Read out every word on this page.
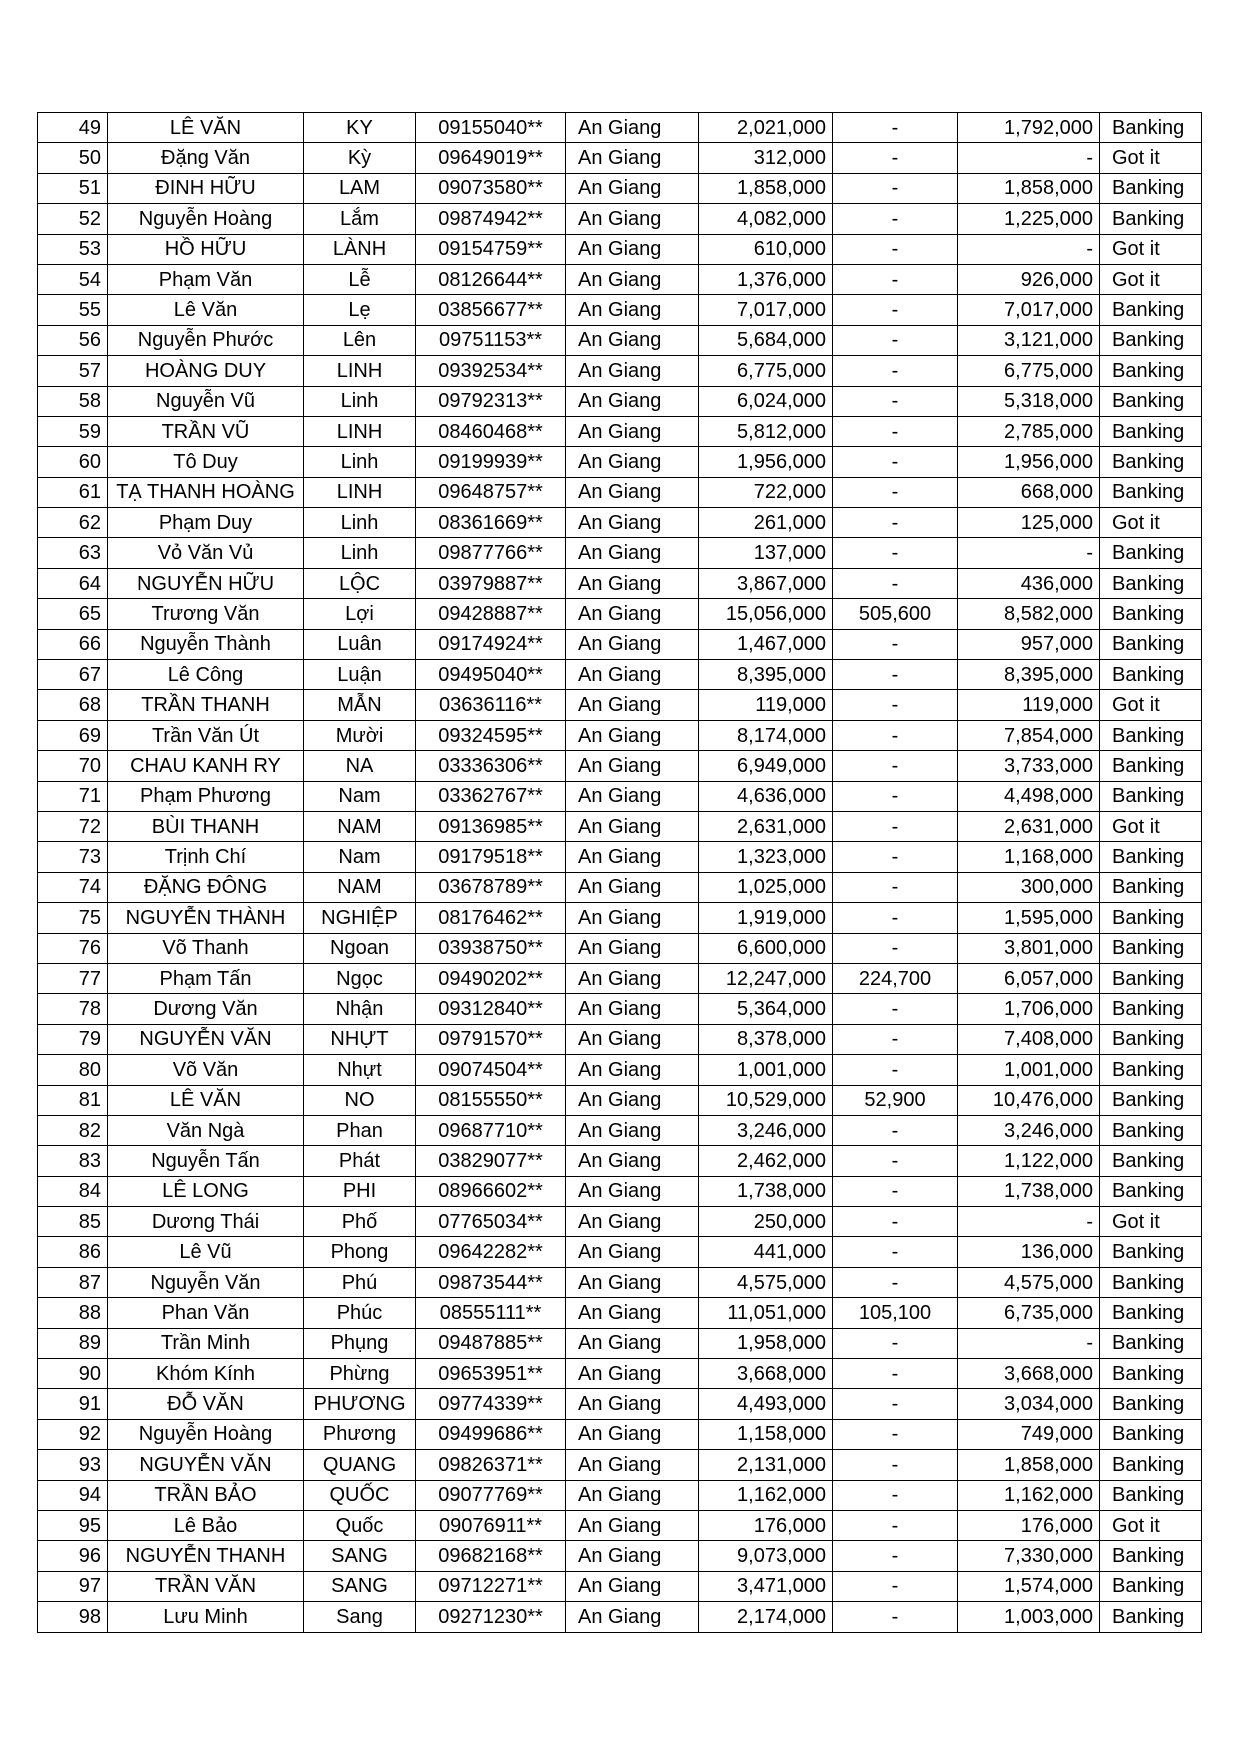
49	LÊ VĂN	KY	09155040**	An Giang	2,021,000	-	1,792,000	Banking
50	Đặng Văn	Kỳ	09649019**	An Giang	312,000	-	-	Got it
51	ĐINH HỮU	LAM	09073580**	An Giang	1,858,000	-	1,858,000	Banking
52	Nguyễn Hoàng	Lắm	09874942**	An Giang	4,082,000	-	1,225,000	Banking
53	HỒ HỮU	LÀNH	09154759**	An Giang	610,000	-	-	Got it
54	Phạm Văn	Lễ	08126644**	An Giang	1,376,000	-	926,000	Got it
55	Lê Văn	Lẹ	03856677**	An Giang	7,017,000	-	7,017,000	Banking
56	Nguyễn Phước	Lên	09751153**	An Giang	5,684,000	-	3,121,000	Banking
57	HOÀNG DUY	LINH	09392534**	An Giang	6,775,000	-	6,775,000	Banking
58	Nguyễn Vũ	Linh	09792313**	An Giang	6,024,000	-	5,318,000	Banking
59	TRẦN VŨ	LINH	08460468**	An Giang	5,812,000	-	2,785,000	Banking
60	Tô Duy	Linh	09199939**	An Giang	1,956,000	-	1,956,000	Banking
61	TẠ THANH HOÀNG	LINH	09648757**	An Giang	722,000	-	668,000	Banking
62	Phạm Duy	Linh	08361669**	An Giang	261,000	-	125,000	Got it
63	Vỏ Văn Vủ	Linh	09877766**	An Giang	137,000	-	-	Banking
64	NGUYỄN HỮU	LỘC	03979887**	An Giang	3,867,000	-	436,000	Banking
65	Trương Văn	Lợi	09428887**	An Giang	15,056,000	505,600	8,582,000	Banking
66	Nguyễn Thành	Luân	09174924**	An Giang	1,467,000	-	957,000	Banking
67	Lê Công	Luận	09495040**	An Giang	8,395,000	-	8,395,000	Banking
68	TRẦN THANH	MẪN	03636116**	An Giang	119,000	-	119,000	Got it
69	Trần Văn Út	Mười	09324595**	An Giang	8,174,000	-	7,854,000	Banking
70	CHAU KANH RY	NA	03336306**	An Giang	6,949,000	-	3,733,000	Banking
71	Phạm Phương	Nam	03362767**	An Giang	4,636,000	-	4,498,000	Banking
72	BÙI THANH	NAM	09136985**	An Giang	2,631,000	-	2,631,000	Got it
73	Trịnh Chí	Nam	09179518**	An Giang	1,323,000	-	1,168,000	Banking
74	ĐẶNG ĐÔNG	NAM	03678789**	An Giang	1,025,000	-	300,000	Banking
75	NGUYỄN THÀNH	NGHIỆP	08176462**	An Giang	1,919,000	-	1,595,000	Banking
76	Võ Thanh	Ngoan	03938750**	An Giang	6,600,000	-	3,801,000	Banking
77	Phạm Tấn	Ngọc	09490202**	An Giang	12,247,000	224,700	6,057,000	Banking
78	Dương Văn	Nhận	09312840**	An Giang	5,364,000	-	1,706,000	Banking
79	NGUYỄN VĂN	NHỰT	09791570**	An Giang	8,378,000	-	7,408,000	Banking
80	Võ Văn	Nhựt	09074504**	An Giang	1,001,000	-	1,001,000	Banking
81	LÊ VĂN	NO	08155550**	An Giang	10,529,000	52,900	10,476,000	Banking
82	Văn Ngà	Phan	09687710**	An Giang	3,246,000	-	3,246,000	Banking
83	Nguyễn Tấn	Phát	03829077**	An Giang	2,462,000	-	1,122,000	Banking
84	LÊ LONG	PHI	08966602**	An Giang	1,738,000	-	1,738,000	Banking
85	Dương Thái	Phố	07765034**	An Giang	250,000	-	-	Got it
86	Lê Vũ	Phong	09642282**	An Giang	441,000	-	136,000	Banking
87	Nguyễn Văn	Phú	09873544**	An Giang	4,575,000	-	4,575,000	Banking
88	Phan Văn	Phúc	08555111**	An Giang	11,051,000	105,100	6,735,000	Banking
89	Trần Minh	Phụng	09487885**	An Giang	1,958,000	-	-	Banking
90	Khóm Kính	Phừng	09653951**	An Giang	3,668,000	-	3,668,000	Banking
91	ĐỖ VĂN	PHƯƠNG	09774339**	An Giang	4,493,000	-	3,034,000	Banking
92	Nguyễn Hoàng	Phương	09499686**	An Giang	1,158,000	-	749,000	Banking
93	NGUYỄN VĂN	QUANG	09826371**	An Giang	2,131,000	-	1,858,000	Banking
94	TRẦN BẢO	QUỐC	09077769**	An Giang	1,162,000	-	1,162,000	Banking
95	Lê Bảo	Quốc	09076911**	An Giang	176,000	-	176,000	Got it
96	NGUYỄN THANH	SANG	09682168**	An Giang	9,073,000	-	7,330,000	Banking
97	TRẦN VĂN	SANG	09712271**	An Giang	3,471,000	-	1,574,000	Banking
98	Lưu Minh	Sang	09271230**	An Giang	2,174,000	-	1,003,000	Banking
